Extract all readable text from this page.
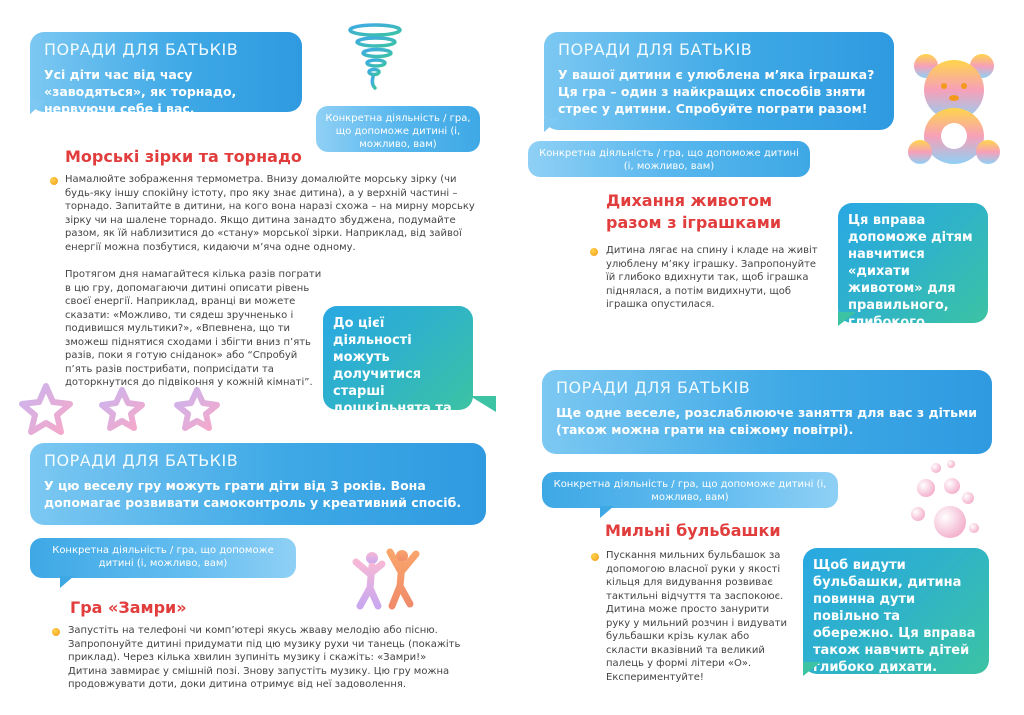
ПОРАДИ ДЛЯ БАТЬКІВ
Усі діти час від часу «заводяться», як торнадо, нервуючи себе і вас.
Конкретна діяльність / гра, що допоможе дитині (і, можливо, вам)
Морські зірки та торнадо
Намалюйте зображення термометра. Внизу домалюйте морську зірку (чи будь-яку іншу спокійну істоту, про яку знає дитина), а у верхній частині – торнадо. Запитайте в дитини, на кого вона наразі схожа – на мирну морську зірку чи на шалене торнадо. Якщо дитина занадто збуджена, подумайте разом, як їй наблизитися до «стану» морської зірки. Наприклад, від зайвої енергії можна позбутися, кидаючи м’яча одне одному.
Протягом дня намагайтеся кілька разів пограти в цю гру, допомагаючи дитині описати рівень своєї енергії. Наприклад, вранці ви можете сказати: «Можливо, ти сядеш зручненько і подивишся мультики?», «Впевнена, що ти зможеш піднятися сходами і збігти вниз п’ять разів, поки я готую сніданок» або “Спробуй п’ять разів пострибати, поприсідати та доторкнутися до підвіконня у кожній кімнаті”.
До цієї діяльності можуть долучитися старші дошкільнята та діти молодшого
ПОРАДИ ДЛЯ БАТЬКІВ
У цю веселу гру можуть грати діти від 3 років. Вона допомагає розвивати самоконтроль у креативний спосіб.
Конкретна діяльність / гра, що допоможе дитині (і, можливо, вам)
Гра «Замри»
Запустіть на телефоні чи комп’ютері якусь жваву мелодію або пісню. Запропонуйте дитині придумати під цю музику рухи чи танець (покажіть приклад). Через кілька хвилин зупиніть музику і скажіть: «Замри!» Дитина завмирає у смішній позі. Знову запустіть музику. Цю гру можна продовжувати доти, доки дитина отримує від неї задоволення.
ПОРАДИ ДЛЯ БАТЬКІВ
У вашої дитини є улюблена м’яка іграшка? Ця гра – один з найкращих способів зняти стрес у дитини. Спробуйте пограти разом!
Конкретна діяльність / гра, що допоможе дитині (і, можливо, вам)
Дихання животом
разом з іграшками
Дитина лягає на спину і кладе на живіт улюблену м’яку іграшку. Запропонуйте їй глибоко вдихнути так, щоб іграшка піднялася, а потім видихнути, щоб іграшка опустилася.
Ця вправа допоможе дітям навчитися «дихати животом» для правильного, глибокого дихання.
ПОРАДИ ДЛЯ БАТЬКІВ
Ще одне веселе, розслаблююче заняття для вас з дітьми (також можна грати на свіжому повітрі).
Конкретна діяльність / гра, що допоможе дитині (і, можливо, вам)
Мильні бульбашки
Пускання мильних бульбашок за допомогою власної руки у якості кільця для видування розвиває тактильні відчуття та заспокоює. Дитина може просто занурити руку у мильний розчин і видувати бульбашки крізь кулак або скласти вказівний та великий палець у формі літери «О». Експериментуйте!
Щоб видути бульбашки, дитина повинна дути повільно та обережно. Ця вправа також навчить дітей глибоко дихати.
